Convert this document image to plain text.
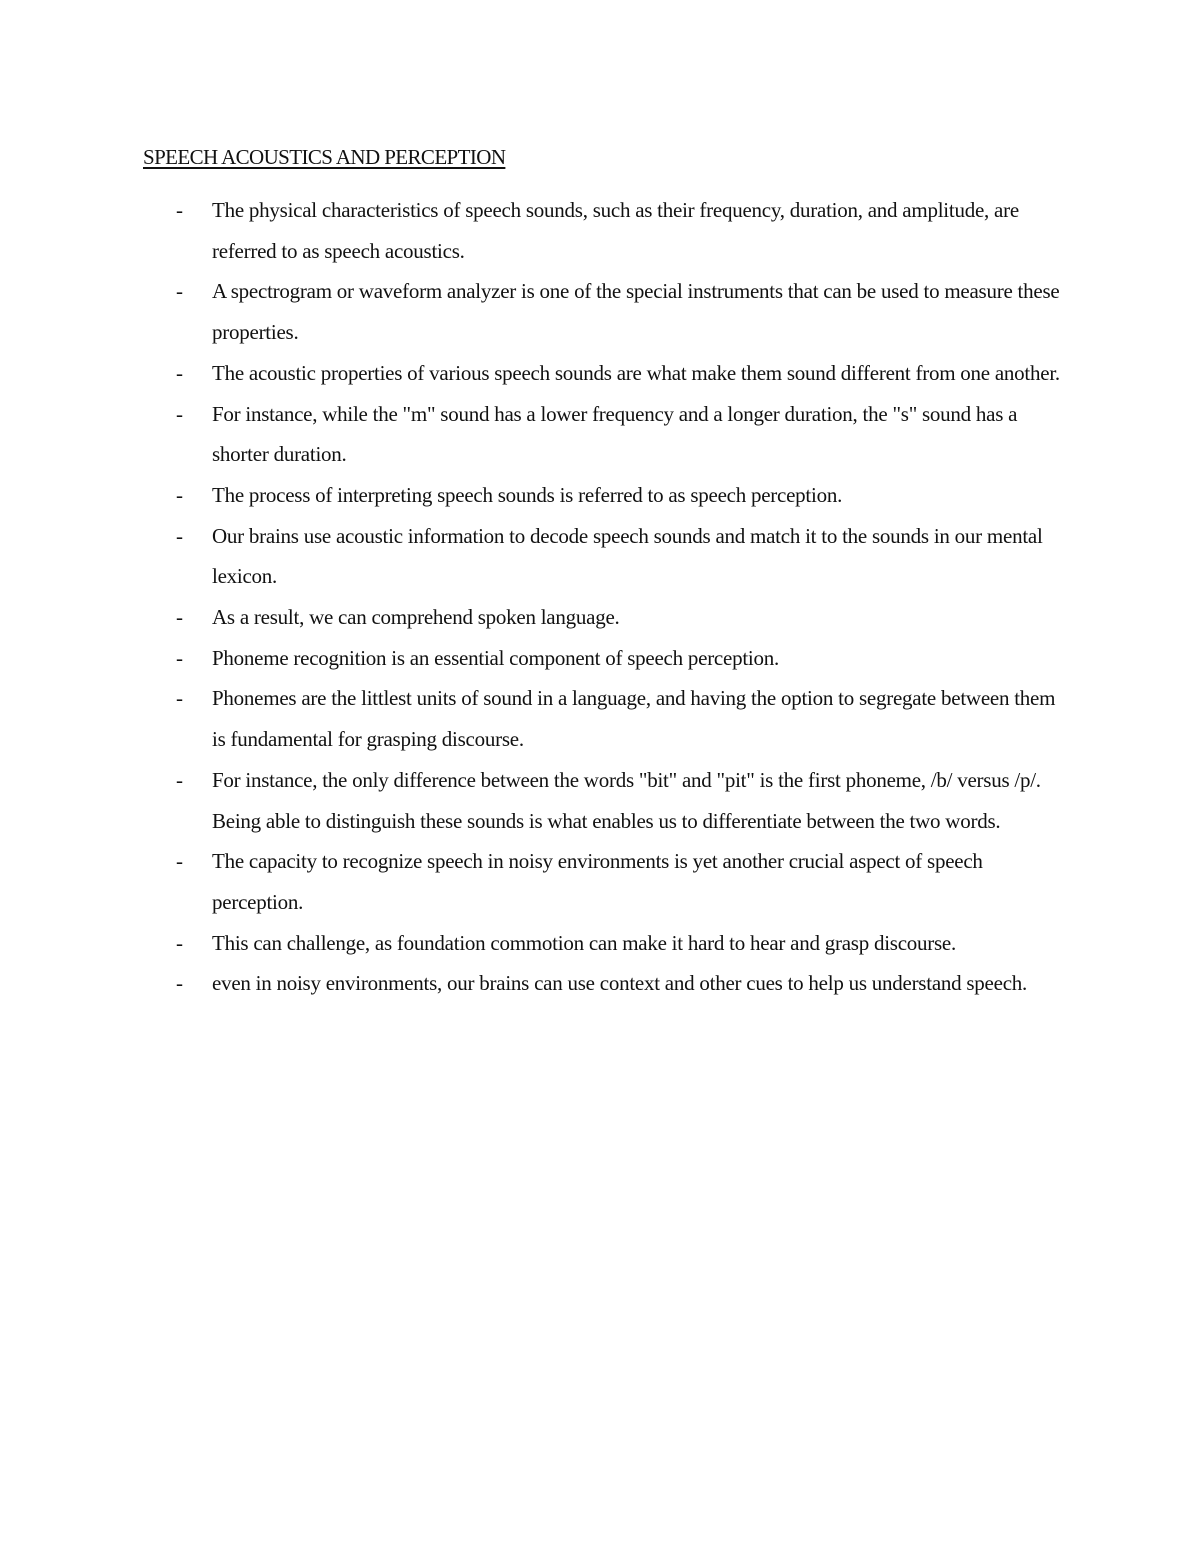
SPEECH ACOUSTICS AND PERCEPTION
- The physical characteristics of speech sounds, such as their frequency, duration, and amplitude, are referred to as speech acoustics.
- A spectrogram or waveform analyzer is one of the special instruments that can be used to measure these properties.
- The acoustic properties of various speech sounds are what make them sound different from one another.
- For instance, while the "m" sound has a lower frequency and a longer duration, the "s" sound has a shorter duration.
- The process of interpreting speech sounds is referred to as speech perception.
- Our brains use acoustic information to decode speech sounds and match it to the sounds in our mental lexicon.
- As a result, we can comprehend spoken language.
- Phoneme recognition is an essential component of speech perception.
- Phonemes are the littlest units of sound in a language, and having the option to segregate between them is fundamental for grasping discourse.
- For instance, the only difference between the words "bit" and "pit" is the first phoneme, /b/ versus /p/. Being able to distinguish these sounds is what enables us to differentiate between the two words.
- The capacity to recognize speech in noisy environments is yet another crucial aspect of speech perception.
- This can challenge, as foundation commotion can make it hard to hear and grasp discourse.
- even in noisy environments, our brains can use context and other cues to help us understand speech.
